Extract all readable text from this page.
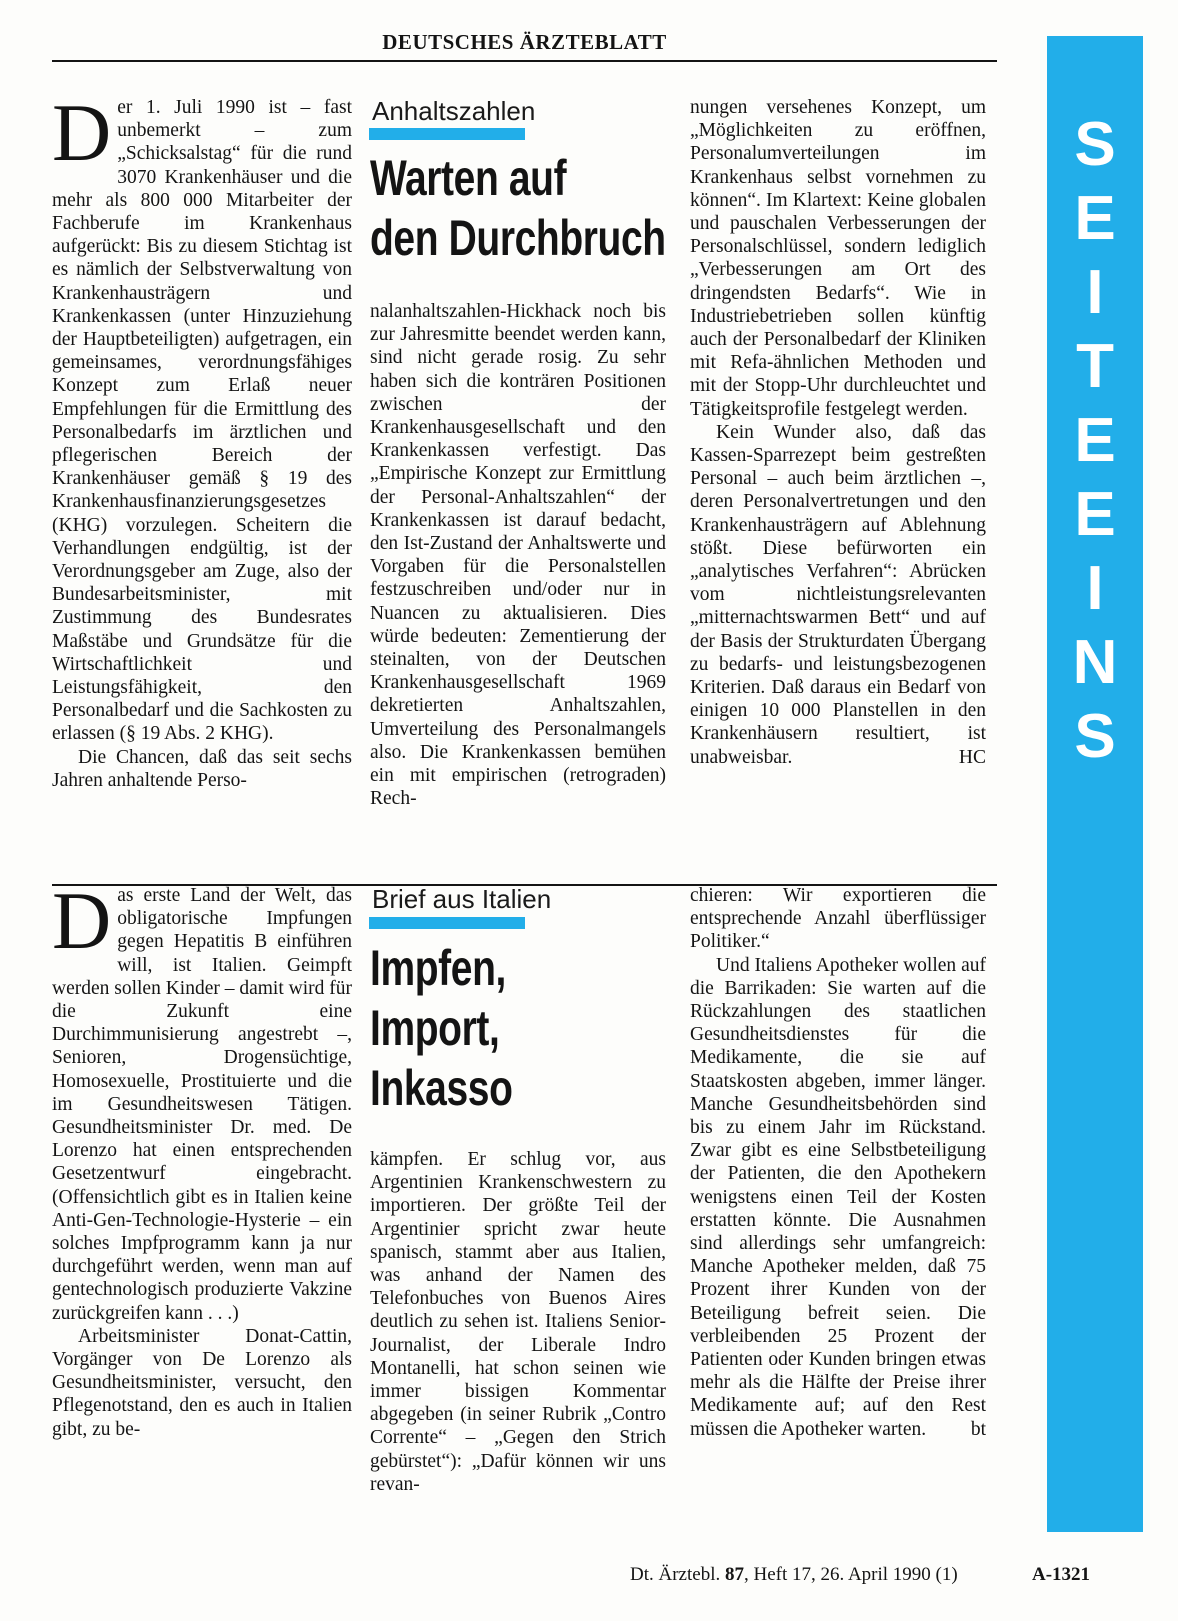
DEUTSCHES ÄRZTEBLATT
S
E
I
T
E
E
I
N
S

Der 1. Juli 1990 ist – fast unbemerkt – zum „Schicksalstag“ für die rund 3070 Krankenhäuser und die mehr als 800 000 Mitarbeiter der Fachberufe im Krankenhaus aufgerückt: Bis zu diesem Stichtag ist es nämlich der Selbstverwaltung von Krankenhausträgern und Krankenkassen (unter Hinzuziehung der Hauptbeteiligten) aufgetragen, ein gemeinsames, verordnungsfähiges Konzept zum Erlaß neuer Empfehlungen für die Ermittlung des Personalbedarfs im ärztlichen und pflegerischen Bereich der Krankenhäuser gemäß § 19 des Krankenhausfinanzierungsgesetzes (KHG) vorzulegen. Scheitern die Verhandlungen endgültig, ist der Verordnungsgeber am Zuge, also der Bundesarbeitsminister, mit Zustimmung des Bundesrates Maßstäbe und Grundsätze für die Wirtschaftlichkeit und Leistungsfähigkeit, den Personalbedarf und die Sachkosten zu erlassen (§ 19 Abs. 2 KHG).

Die Chancen, daß das seit sechs Jahren anhaltende Perso-

Anhaltszahlen
Warten auf
den Durchbruch

nalanhaltszahlen-Hickhack noch bis zur Jahresmitte beendet werden kann, sind nicht gerade rosig. Zu sehr haben sich die konträren Positionen zwischen der Krankenhausgesellschaft und den Krankenkassen verfestigt. Das „Empirische Konzept zur Ermittlung der Personal-Anhaltszahlen“ der Krankenkassen ist darauf bedacht, den Ist-Zustand der Anhaltswerte und Vorgaben für die Personalstellen festzuschreiben und/oder nur in Nuancen zu aktualisieren. Dies würde bedeuten: Zementierung der steinalten, von der Deutschen Krankenhausgesellschaft 1969 dekretierten Anhaltszahlen, Umverteilung des Personalmangels also. Die Krankenkassen bemühen ein mit empirischen (retrograden) Rech-

nungen versehenes Konzept, um „Möglichkeiten zu eröffnen, Personalumverteilungen im Krankenhaus selbst vornehmen zu können“. Im Klartext: Keine globalen und pauschalen Verbesserungen der Personalschlüssel, sondern lediglich „Verbesserungen am Ort des dringendsten Bedarfs“. Wie in Industriebetrieben sollen künftig auch der Personalbedarf der Kliniken mit Refa-ähnlichen Methoden und mit der Stopp-Uhr durchleuchtet und Tätigkeitsprofile festgelegt werden.

Kein Wunder also, daß das Kassen-Sparrezept beim gestreßten Personal – auch beim ärztlichen –, deren Personalvertretungen und den Krankenhausträgern auf Ablehnung stößt. Diese befürworten ein „analytisches Verfahren“: Abrücken vom nichtleistungsrelevanten „mitternachtswarmen Bett“ und auf der Basis der Strukturdaten Übergang zu bedarfs- und leistungsbezogenen Kriterien. Daß daraus ein Bedarf von einigen 10 000 Planstellen in den Krankenhäusern resultiert, ist unabweisbar.	HC

Das erste Land der Welt, das obligatorische Impfungen gegen Hepatitis B einführen will, ist Italien. Geimpft werden sollen Kinder – damit wird für die Zukunft eine Durchimmunisierung angestrebt –, Senioren, Drogensüchtige, Homosexuelle, Prostituierte und die im Gesundheitswesen Tätigen. Gesundheitsminister Dr. med. De Lorenzo hat einen entsprechenden Gesetzentwurf eingebracht. (Offensichtlich gibt es in Italien keine Anti-Gen-Technologie-Hysterie – ein solches Impfprogramm kann ja nur durchgeführt werden, wenn man auf gentechnologisch produzierte Vakzine zurückgreifen kann . . .)

Arbeitsminister Donat-Cattin, Vorgänger von De Lorenzo als Gesundheitsminister, versucht, den Pflegenotstand, den es auch in Italien gibt, zu be-

Brief aus Italien
Impfen,
Import,
Inkasso

kämpfen. Er schlug vor, aus Argentinien Krankenschwestern zu importieren. Der größte Teil der Argentinier spricht zwar heute spanisch, stammt aber aus Italien, was anhand der Namen des Telefonbuches von Buenos Aires deutlich zu sehen ist. Italiens Senior-Journalist, der Liberale Indro Montanelli, hat schon seinen wie immer bissigen Kommentar abgegeben (in seiner Rubrik „Contro Corrente“ – „Gegen den Strich gebürstet“): „Dafür können wir uns revan-

chieren: Wir exportieren die entsprechende Anzahl überflüssiger Politiker.“

Und Italiens Apotheker wollen auf die Barrikaden: Sie warten auf die Rückzahlungen des staatlichen Gesundheitsdienstes für die Medikamente, die sie auf Staatskosten abgeben, immer länger. Manche Gesundheitsbehörden sind bis zu einem Jahr im Rückstand. Zwar gibt es eine Selbstbeteiligung der Patienten, die den Apothekern wenigstens einen Teil der Kosten erstatten könnte. Die Ausnahmen sind allerdings sehr umfangreich: Manche Apotheker melden, daß 75 Prozent ihrer Kunden von der Beteiligung befreit seien. Die verbleibenden 25 Prozent der Patienten oder Kunden bringen etwas mehr als die Hälfte der Preise ihrer Medikamente auf; auf den Rest müssen die Apotheker warten.	bt

Dt. Ärztebl. 87, Heft 17, 26. April 1990 (1)	A-1321
